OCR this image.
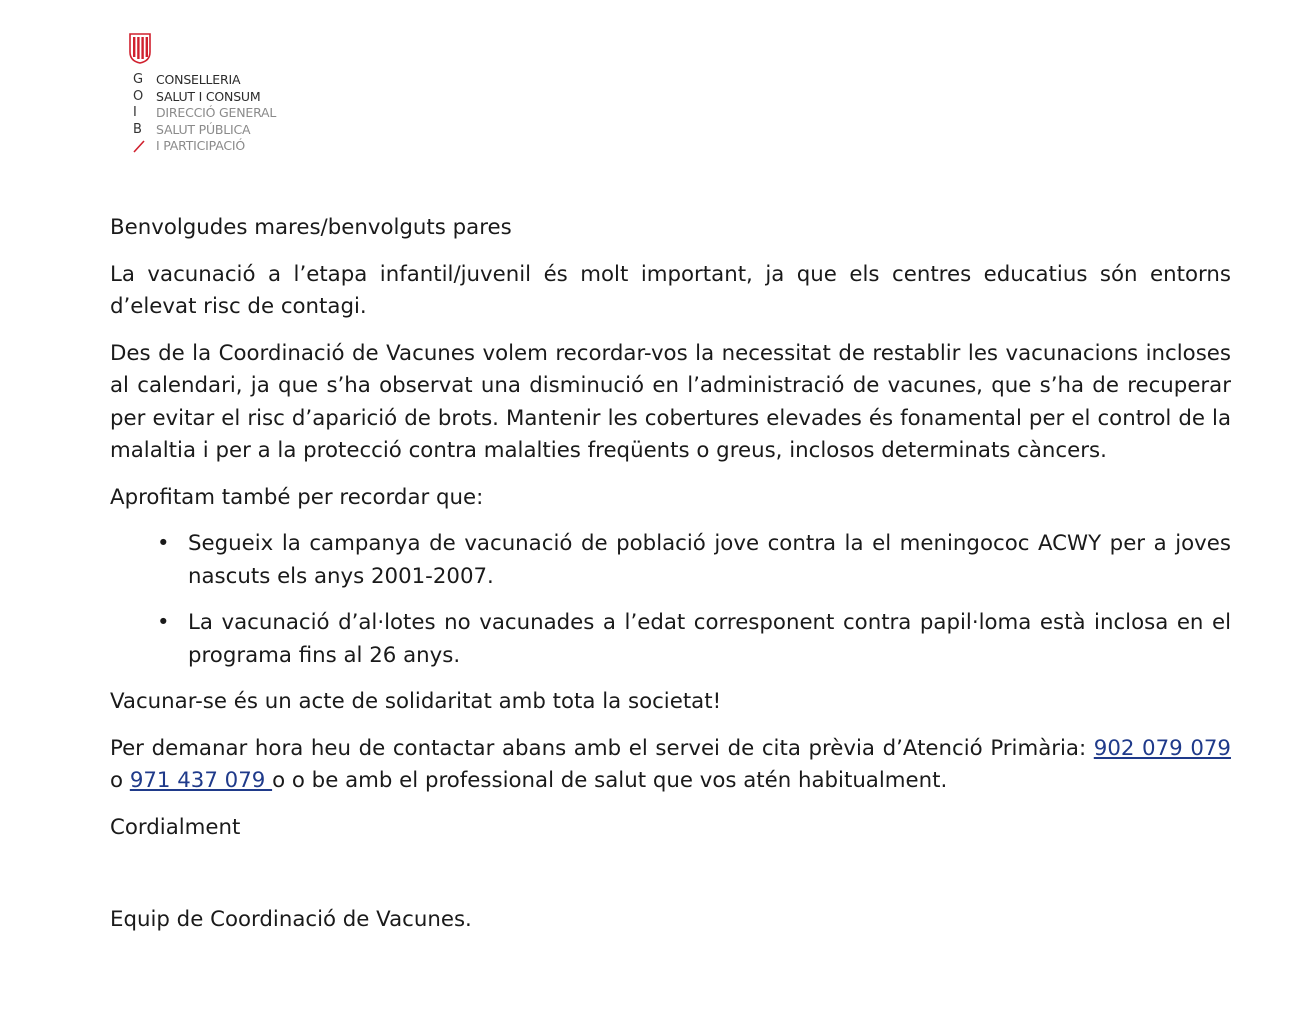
G
O
I
B
CONSELLERIA
SALUT I CONSUM
DIRECCIÓ GENERAL
SALUT PÚBLICA
I PARTICIPACIÓ

Benvolgudes mares/benvolguts pares

La vacunació a l’etapa infantil/juvenil és molt important, ja que els centres educatius són entorns d’elevat risc de contagi.

Des de la Coordinació de Vacunes volem recordar-vos la necessitat de restablir les vacunacions incloses al calendari, ja que s’ha observat una disminució en l’administració de vacunes, que s’ha de recuperar per evitar el risc d’aparició de brots. Mantenir les cobertures elevades és fonamental per el control de la malaltia i per a la protecció contra malalties freqüents o greus, inclosos determinats càncers.

Aprofitam també per recordar que:

• Segueix la campanya de vacunació de població jove contra la el meningococ ACWY per a joves nascuts els anys 2001-2007.
• La vacunació d’al·lotes no vacunades a l’edat corresponent contra papil·loma està inclosa en el programa fins al 26 anys.

Vacunar-se és un acte de solidaritat amb tota la societat!

Per demanar hora heu de contactar abans amb el servei de cita prèvia d’Atenció Primària: 902 079 079 o 971 437 079 o o be amb el professional de salut que vos atén habitualment.

Cordialment

Equip de Coordinació de Vacunes.
